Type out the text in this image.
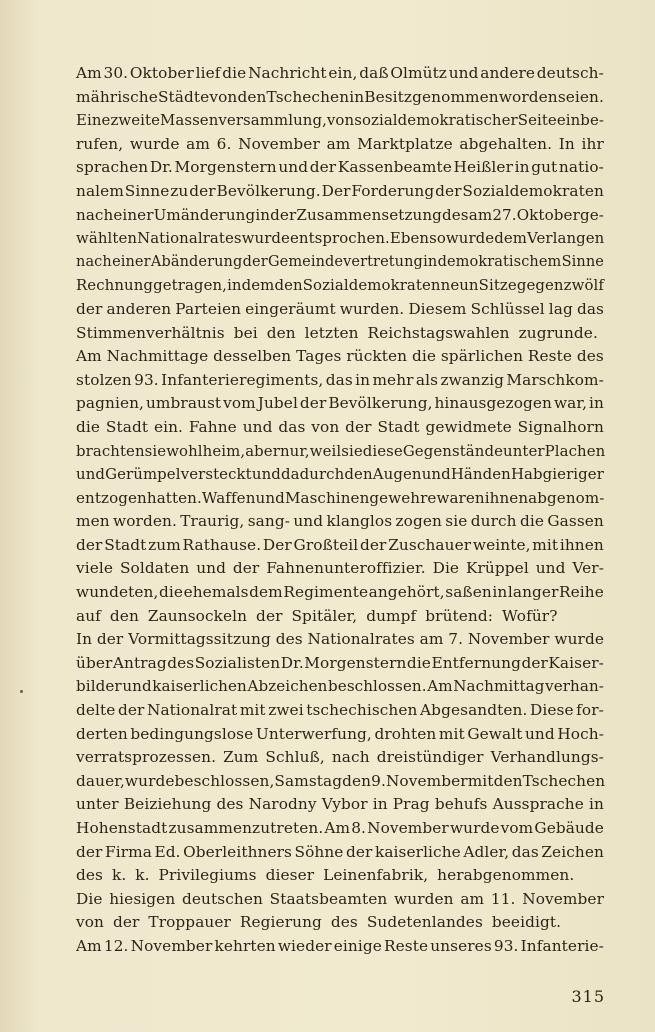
Am 30. Oktober lief die Nachricht ein, daß Olmütz und andere deutsch-
mährische Städte von den Tschechen in Besitz genommen worden seien.
Eine zweite Massenversammlung, von sozialdemokratischer Seite einbe-
rufen, wurde am 6. November am Marktplatze abgehalten. In ihr
sprachen Dr. Morgenstern und der Kassenbeamte Heißler in gut natio-
nalem Sinne zu der Bevölkerung. Der Forderung der Sozialdemokraten
nach einer Umänderung in der Zusammensetzung des am 27. Oktober ge-
wählten Nationalrates wurde entsprochen. Ebenso wurde dem Verlangen
nach einer Abänderung der Gemeindevertretung in demokratischem Sinne
Rechnung getragen, indem den Sozialdemokraten neun Sitze gegen zwölf
der anderen Parteien eingeräumt wurden. Diesem Schlüssel lag das
Stimmenverhältnis bei den letzten Reichstagswahlen zugrunde.
Am Nachmittage desselben Tages rückten die spärlichen Reste des
stolzen 93. Infanterieregiments, das in mehr als zwanzig Marschkom-
pagnien, umbraust vom Jubel der Bevölkerung, hinausgezogen war, in
die Stadt ein. Fahne und das von der Stadt gewidmete Signalhorn
brachten sie wohl heim, aber nur, weil sie diese Gegenstände unter Plachen
und Gerümpel versteckt und dadurch den Augen und Händen Habgieriger
entzogen hatten. Waffen und Maschinengewehre waren ihnen abgenom-
men worden. Traurig, sang- und klanglos zogen sie durch die Gassen
der Stadt zum Rathause. Der Großteil der Zuschauer weinte, mit ihnen
viele Soldaten und der Fahnenunteroffizier. Die Krüppel und Ver-
wundeten, die ehemals dem Regimente angehört, saßen in langer Reihe
auf den Zaunsockeln der Spitäler, dumpf brütend: Wofür?
In der Vormittagssitzung des Nationalrates am 7. November wurde
über Antrag des Sozialisten Dr. Morgenstern die Entfernung der Kaiser-
bilder und kaiserlichen Abzeichen beschlossen. Am Nachmittag verhan-
delte der Nationalrat mit zwei tschechischen Abgesandten. Diese for-
derten bedingungslose Unterwerfung, drohten mit Gewalt und Hoch-
verratsprozessen. Zum Schluß, nach dreistündiger Verhandlungs-
dauer, wurde beschlossen, Samstag den 9. November mit den Tschechen
unter Beiziehung des Narodny Vybor in Prag behufs Aussprache in
Hohenstadt zusammenzutreten. Am 8. November wurde vom Gebäude
der Firma Ed. Oberleithners Söhne der kaiserliche Adler, das Zeichen
des k. k. Privilegiums dieser Leinenfabrik, herabgenommen.
Die hiesigen deutschen Staatsbeamten wurden am 11. November
von der Troppauer Regierung des Sudetenlandes beeidigt.
Am 12. November kehrten wieder einige Reste unseres 93. Infanterie-
315
